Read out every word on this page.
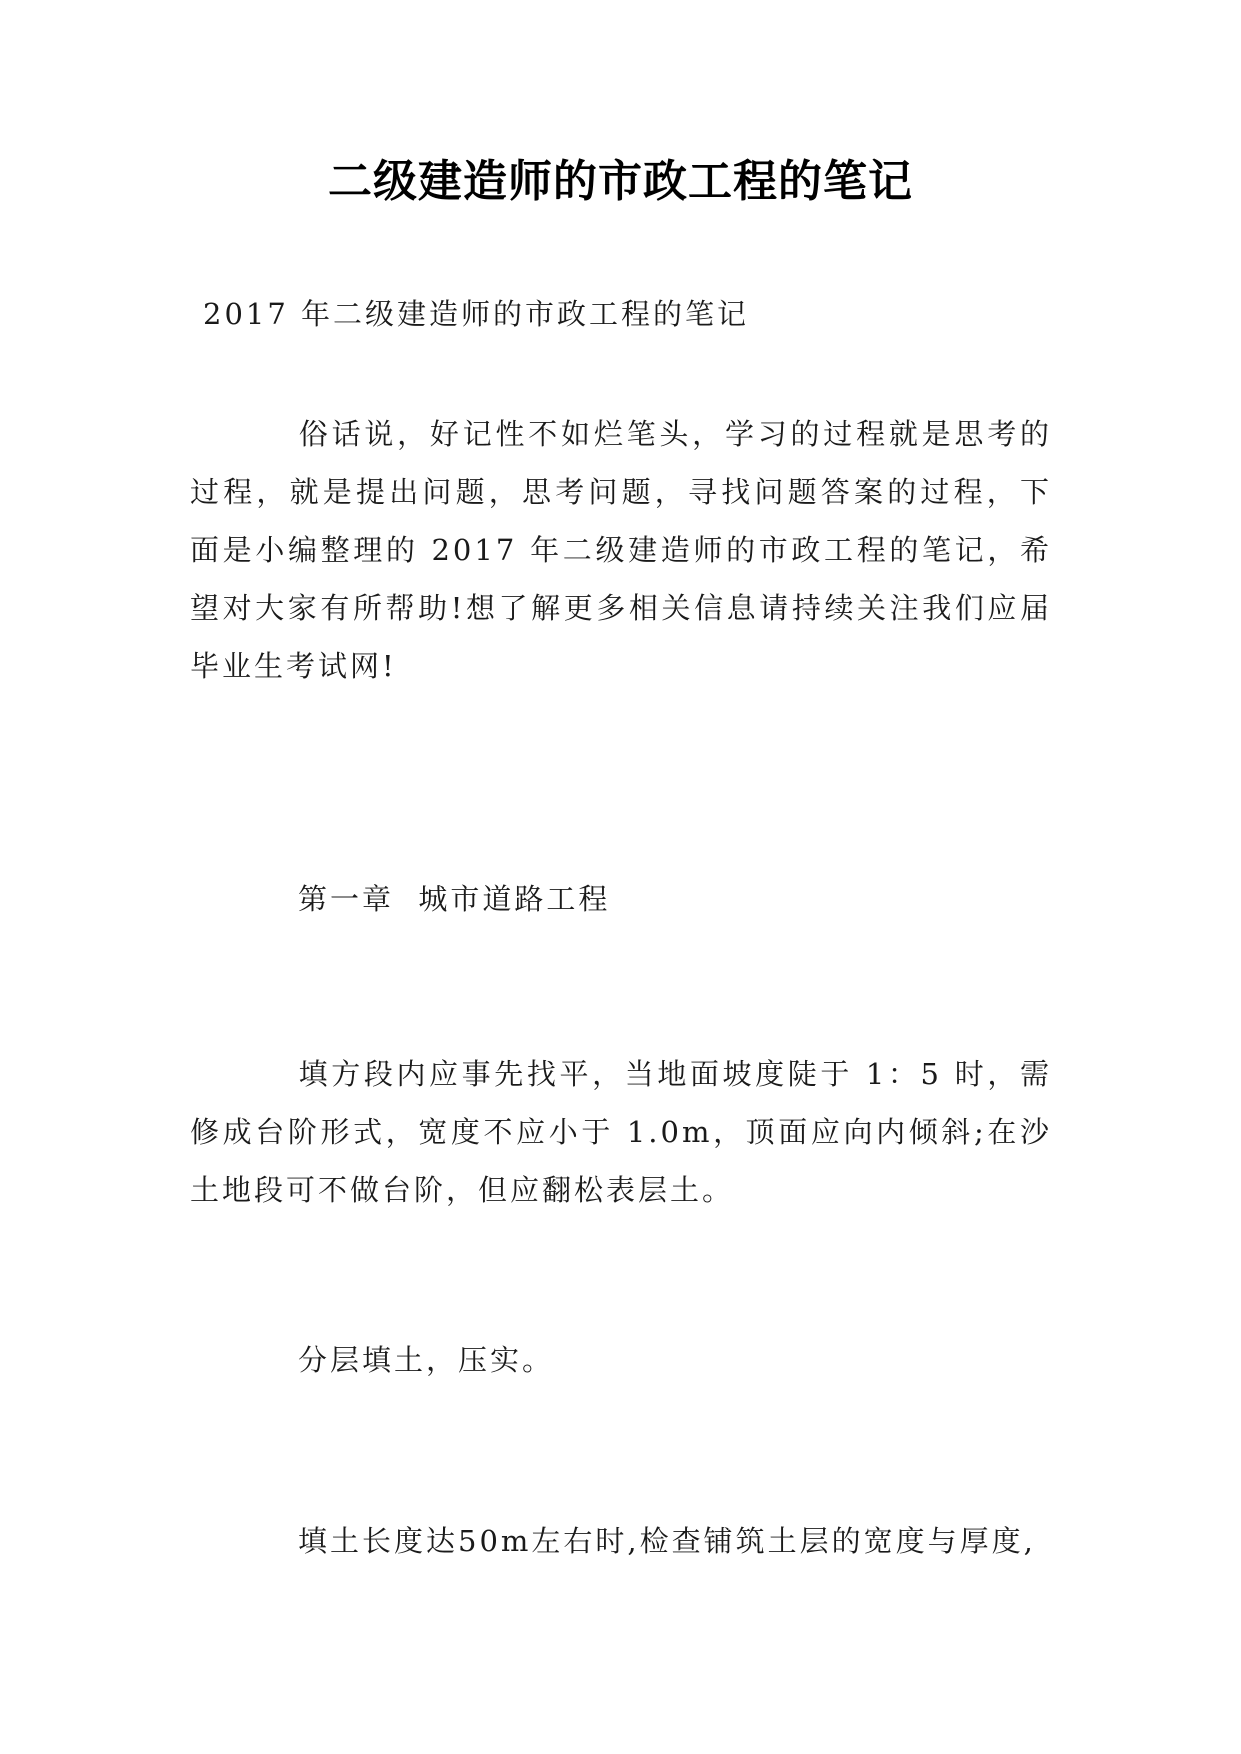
二级建造师的市政工程的笔记
2017 年二级建造师的市政工程的笔记
俗话说，好记性不如烂笔头，学习的过程就是思考的过程，就是提出问题，思考问题，寻找问题答案的过程，下面是小编整理的 2017 年二级建造师的市政工程的笔记，希望对大家有所帮助!想了解更多相关信息请持续关注我们应届毕业生考试网!
第一章  城市道路工程
填方段内应事先找平，当地面坡度陡于 1：5 时，需修成台阶形式，宽度不应小于 1.0m，顶面应向内倾斜;在沙土地段可不做台阶，但应翻松表层土。
分层填土，压实。
填土长度达50m左右时,检查铺筑土层的宽度与厚度,
